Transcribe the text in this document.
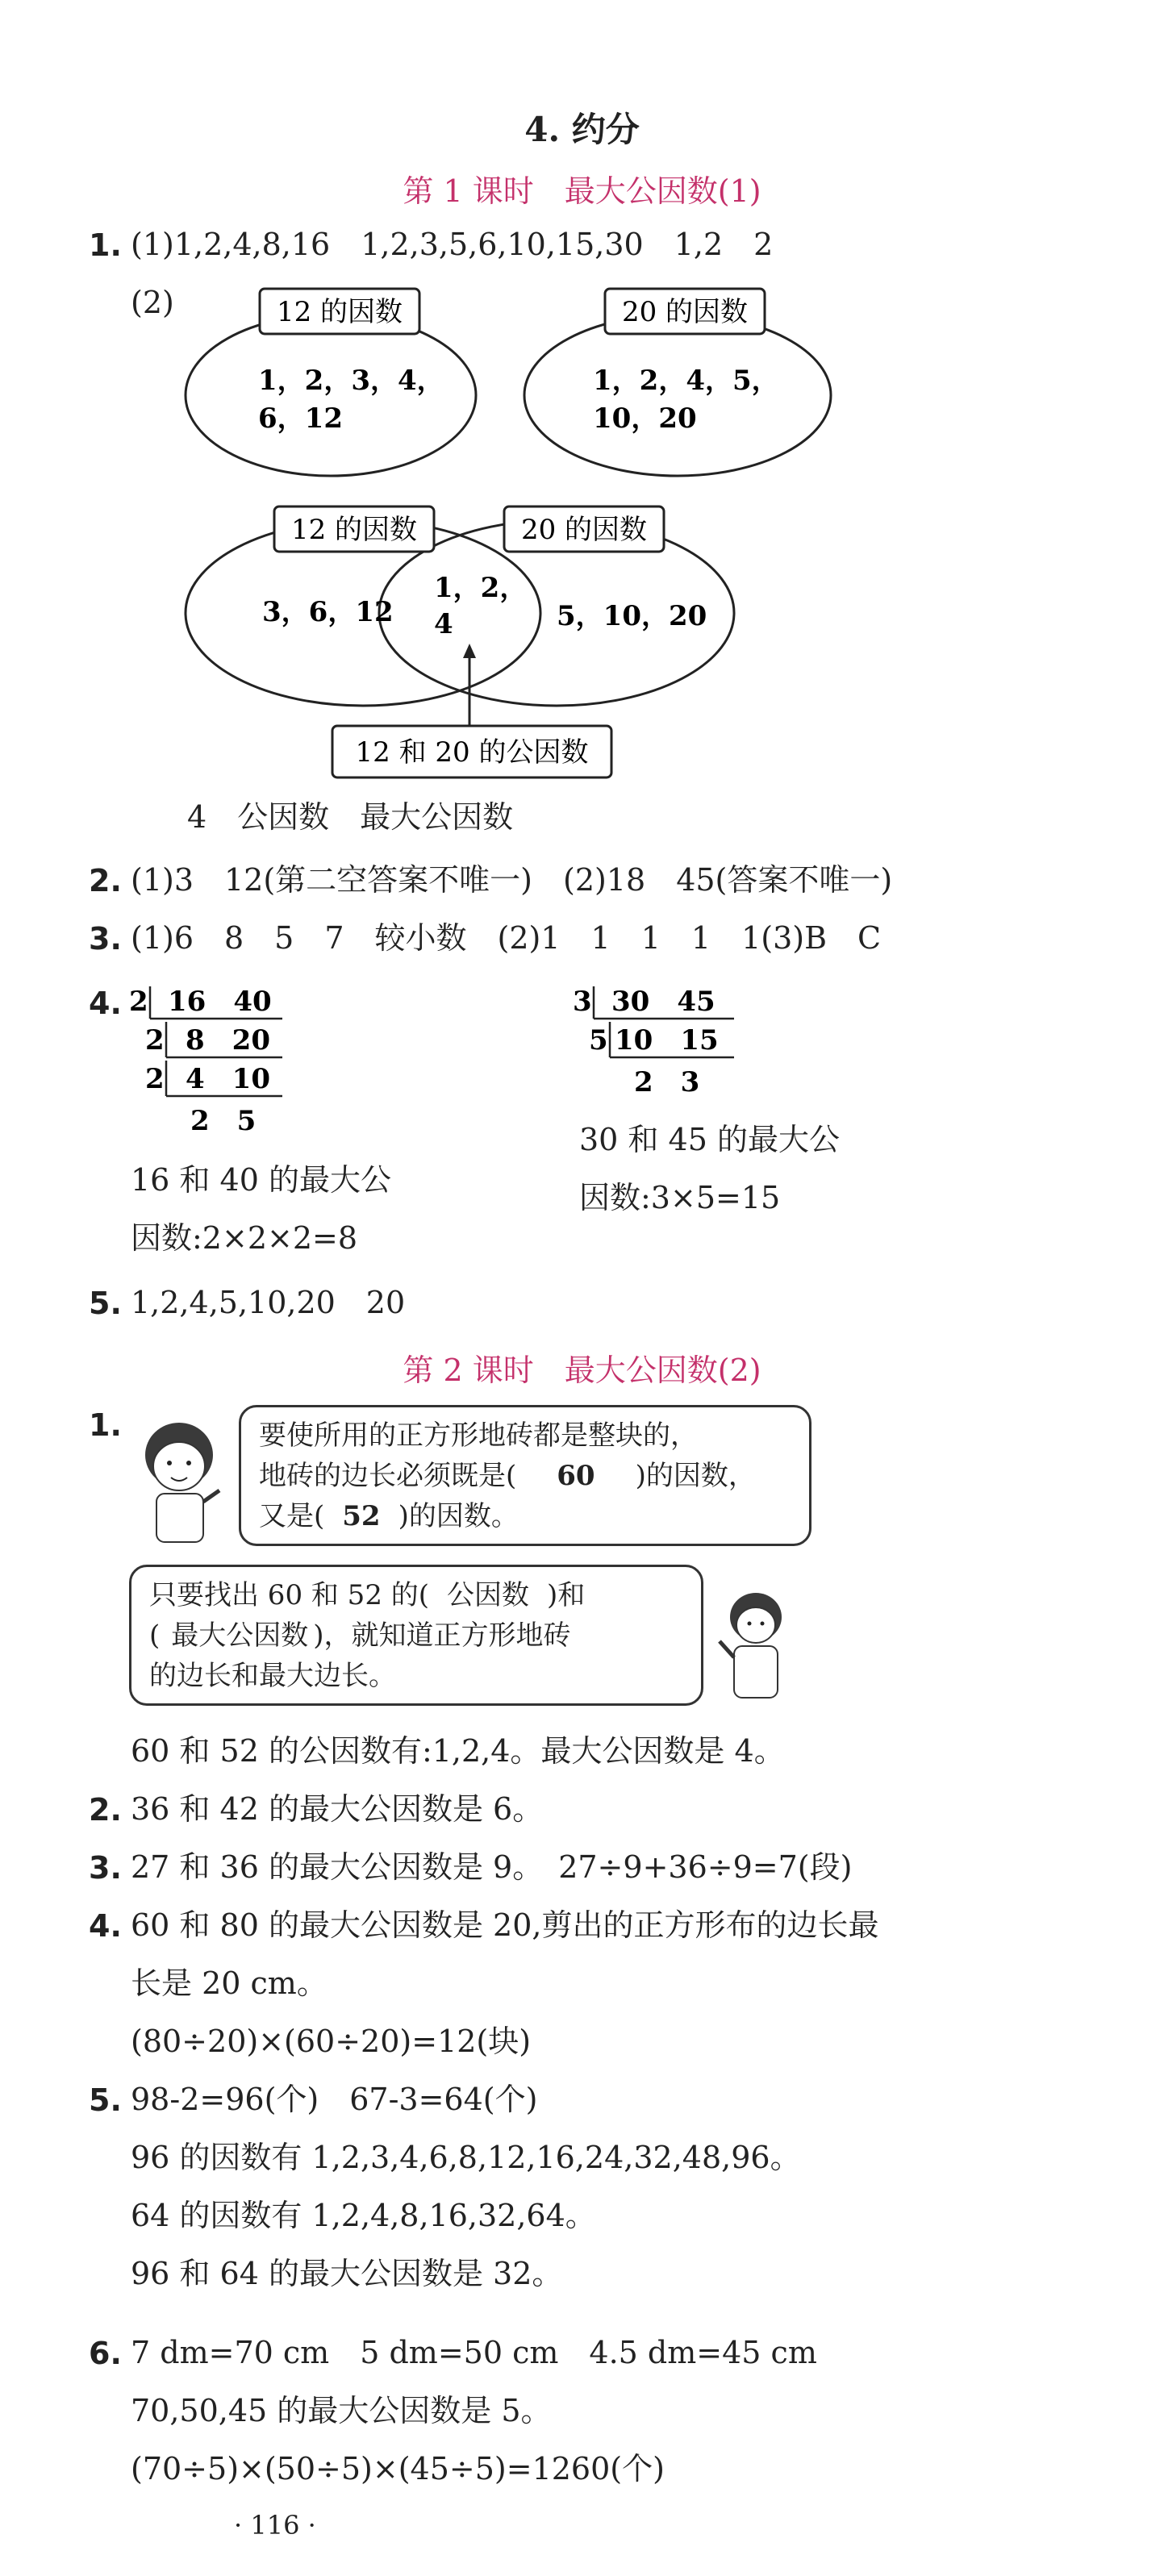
4. 约分
第 1 课时　最大公因数(1)
1. (1)1,2,4,8,16　1,2,3,5,6,10,15,30　1,2　2
(2)	12 的因数	20 的因数
1，2，3，4，
6，12
1，2，4，5，
10，20
12 的因数	20 的因数
3，6，12
1，2，
4	5，10，20
12 和 20 的公因数
4　公因数　最大公因数
2. (1)3　12(第二空答案不唯一)　(2)18　45(答案不唯一)
3. (1)6　8　5　7　较小数　(2)1　1　1　1　1(3)B　C
4. 2 16　40
2 8　20
2 4　10
2　5
16 和 40 的最大公
因数:2×2×2=8
3 30　45
5 10　15
2　3
30 和 45 的最大公
因数:3×5=15
5. 1,2,4,5,10,20　20
第 2 课时　最大公因数(2)
1.	要使所用的正方形地砖都是整块的，
地砖的边长必须既是( 60 )的因数，
又是( 52 )的因数。
只要找出 60 和 52 的( 公因数 )和
( 最大公因数 )，就知道正方形地砖
的边长和最大边长。
60 和 52 的公因数有:1,2,4。最大公因数是 4。
2. 36 和 42 的最大公因数是 6。
3. 27 和 36 的最大公因数是 9。　27÷9+36÷9=7(段)
4. 60 和 80 的最大公因数是 20,剪出的正方形布的边长最
长是 20 cm。
(80÷20)×(60÷20)=12(块)
5. 98-2=96(个)　67-3=64(个)
96 的因数有 1,2,3,4,6,8,12,16,24,32,48,96。
64 的因数有 1,2,4,8,16,32,64。
96 和 64 的最大公因数是 32。
6. 7 dm=70 cm　5 dm=50 cm　4.5 dm=45 cm
70,50,45 的最大公因数是 5。
(70÷5)×(50÷5)×(45÷5)=1260(个)
· 116 ·
